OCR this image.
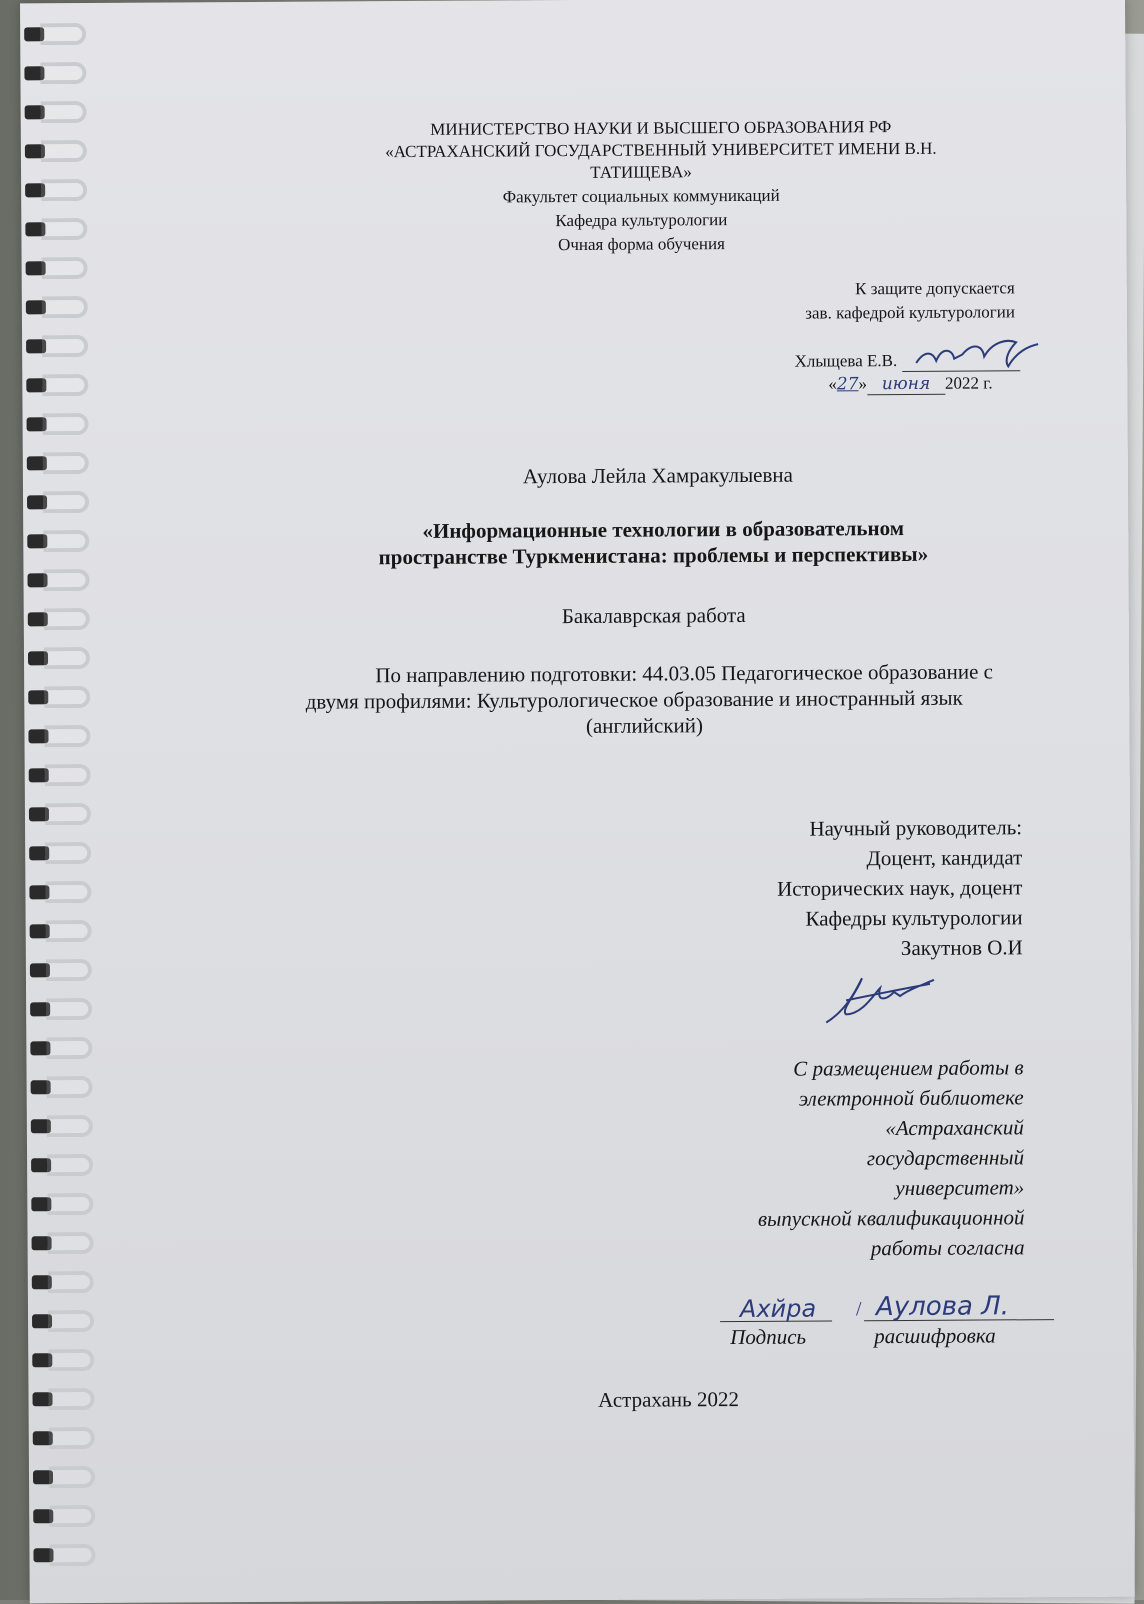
МИНИСТЕРСТВО НАУКИ И ВЫСШЕГО ОБРАЗОВАНИЯ РФ
«АСТРАХАНСКИЙ ГОСУДАРСТВЕННЫЙ УНИВЕРСИТЕТ ИМЕНИ В.Н.
ТАТИЩЕВА»
Факультет социальных коммуникаций
Кафедра культурологии
Очная форма обучения
К защите допускается
зав. кафедрой культурологии
Хлыщева Е.В.
«27» июня 2022 г.
Аулова Лейла Хамракулыевна
«Информационные технологии в образовательном
пространстве Туркменистана: проблемы и перспективы»
Бакалаврская работа
По направлению подготовки: 44.03.05 Педагогическое образование с
двумя профилями: Культурологическое образование и иностранный язык
(английский)
Научный руководитель:
Доцент, кандидат
Исторических наук, доцент
Кафедры культурологии
Закутнов О.И
С размещением работы в
электронной библиотеке
«Астраханский
государственный
университет»
выпускной квалификационной
работы согласна
Ахйра / Аулова Л.
Подпись	расшифровка
Астрахань 2022
